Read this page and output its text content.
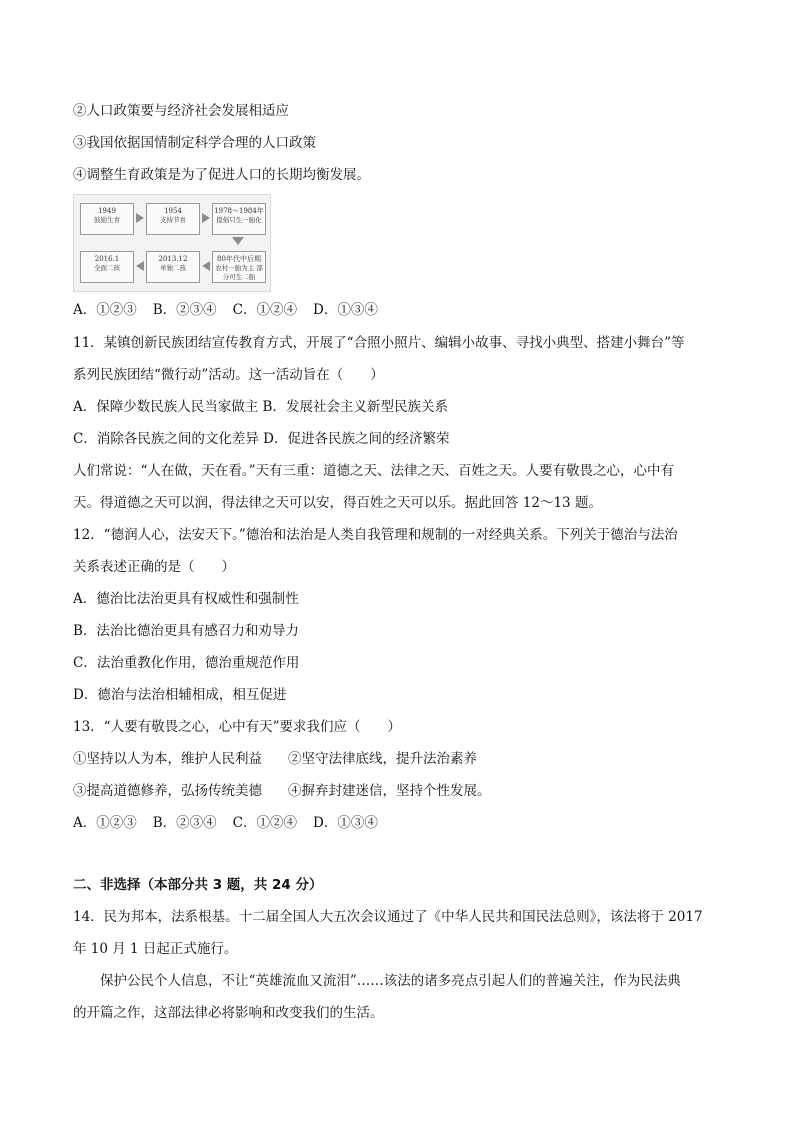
②人口政策要与经济社会发展相适应
③我国依据国情制定科学合理的人口政策
④调整生育政策是为了促进人口的长期均衡发展。
1949
鼓励生育
1954
支持节育
1978～1984年
提倡只生一胎化
80年代中后期
农村一胎为主 部分可生二胎
2013.12
单独二孩
2016.1
全面二孩
A．①②③ B．②③④ C．①②④ D．①③④
11．某镇创新民族团结宣传教育方式，开展了“合照小照片、编辑小故事、寻找小典型、搭建小舞台”等
系列民族团结“微行动”活动。这一活动旨在（　　）
A．保障少数民族人民当家做主 B．发展社会主义新型民族关系
C．消除各民族之间的文化差异 D．促进各民族之间的经济繁荣
人们常说：“人在做，天在看。”天有三重：道德之天、法律之天、百姓之天。人要有敬畏之心，心中有
天。得道德之天可以润，得法律之天可以安，得百姓之天可以乐。据此回答 12～13 题。
12．“德润人心，法安天下。”德治和法治是人类自我管理和规制的一对经典关系。下列关于德治与法治
关系表述正确的是（　　）
A．德治比法治更具有权威性和强制性
B．法治比德治更具有感召力和劝导力
C．法治重教化作用，德治重规范作用
D．德治与法治相辅相成，相互促进
13．“人要有敬畏之心，心中有天”要求我们应（　　）
①坚持以人为本，维护人民利益 ②坚守法律底线，提升法治素养
③提高道德修养，弘扬传统美德 ④摒弃封建迷信，坚持个性发展。
A．①②③ B．②③④ C．①②④ D．①③④
二、非选择（本部分共 3 题，共 24 分）
14．民为邦本，法系根基。十二届全国人大五次会议通过了《中华人民共和国民法总则》，该法将于 2017
年 10 月 1 日起正式施行。
保护公民个人信息，不让“英雄流血又流泪”……该法的诸多亮点引起人们的普遍关注，作为民法典
的开篇之作，这部法律必将影响和改变我们的生活。
